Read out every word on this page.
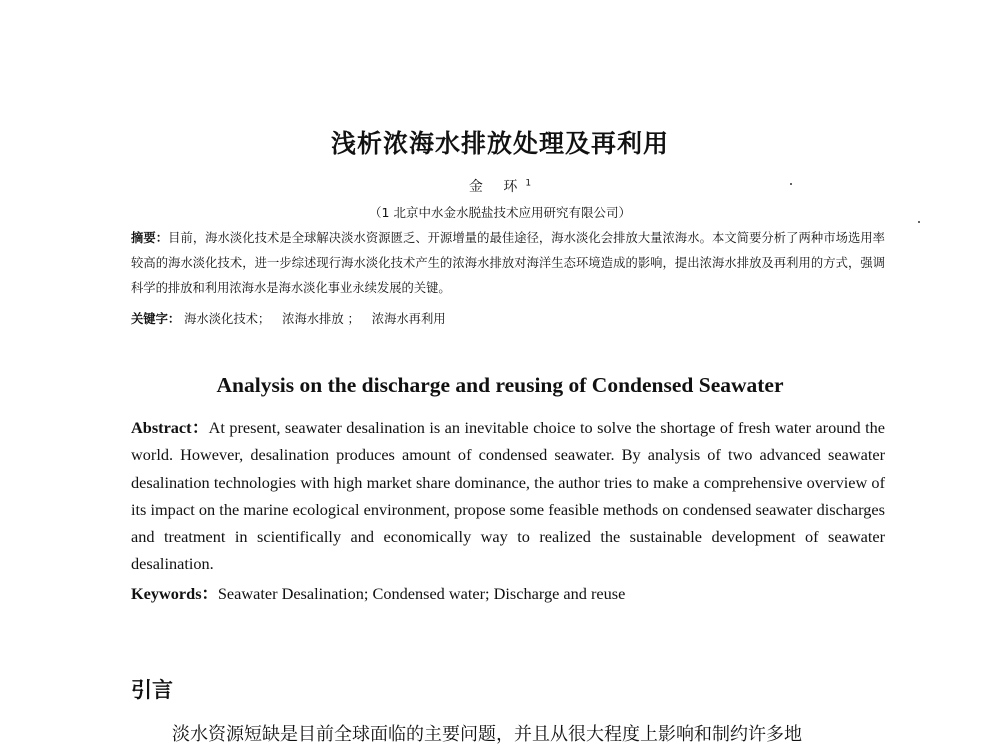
浅析浓海水排放处理及再利用
金 环$^1$
（1 北京中水金水脱盐技术应用研究有限公司）
摘要：目前，海水淡化技术是全球解决淡水资源匮乏、开源增量的最佳途径，海水淡化会排放大量浓海水。本文简要分析了两种市场选用率较高的海水淡化技术，进一步综述现行海水淡化技术产生的浓海水排放对海洋生态环境造成的影响，提出浓海水排放及再利用的方式，强调科学的排放和利用浓海水是海水淡化事业永续发展的关键。
关键字： 海水淡化技术； 浓海水排放 ； 浓海水再利用
Analysis on the discharge and reusing of Condensed Seawater
Abstract：At present, seawater desalination is an inevitable choice to solve the shortage of fresh water around the world. However, desalination produces amount of condensed seawater. By analysis of two advanced seawater desalination technologies with high market share dominance, the author tries to make a comprehensive overview of its impact on the marine ecological environment, propose some feasible methods on condensed seawater discharges and treatment in scientifically and economically way to realized the sustainable development of seawater desalination.
Keywords：Seawater Desalination; Condensed water; Discharge and reuse
引言
淡水资源短缺是目前全球面临的主要问题，并且从很大程度上影响和制约许多地
